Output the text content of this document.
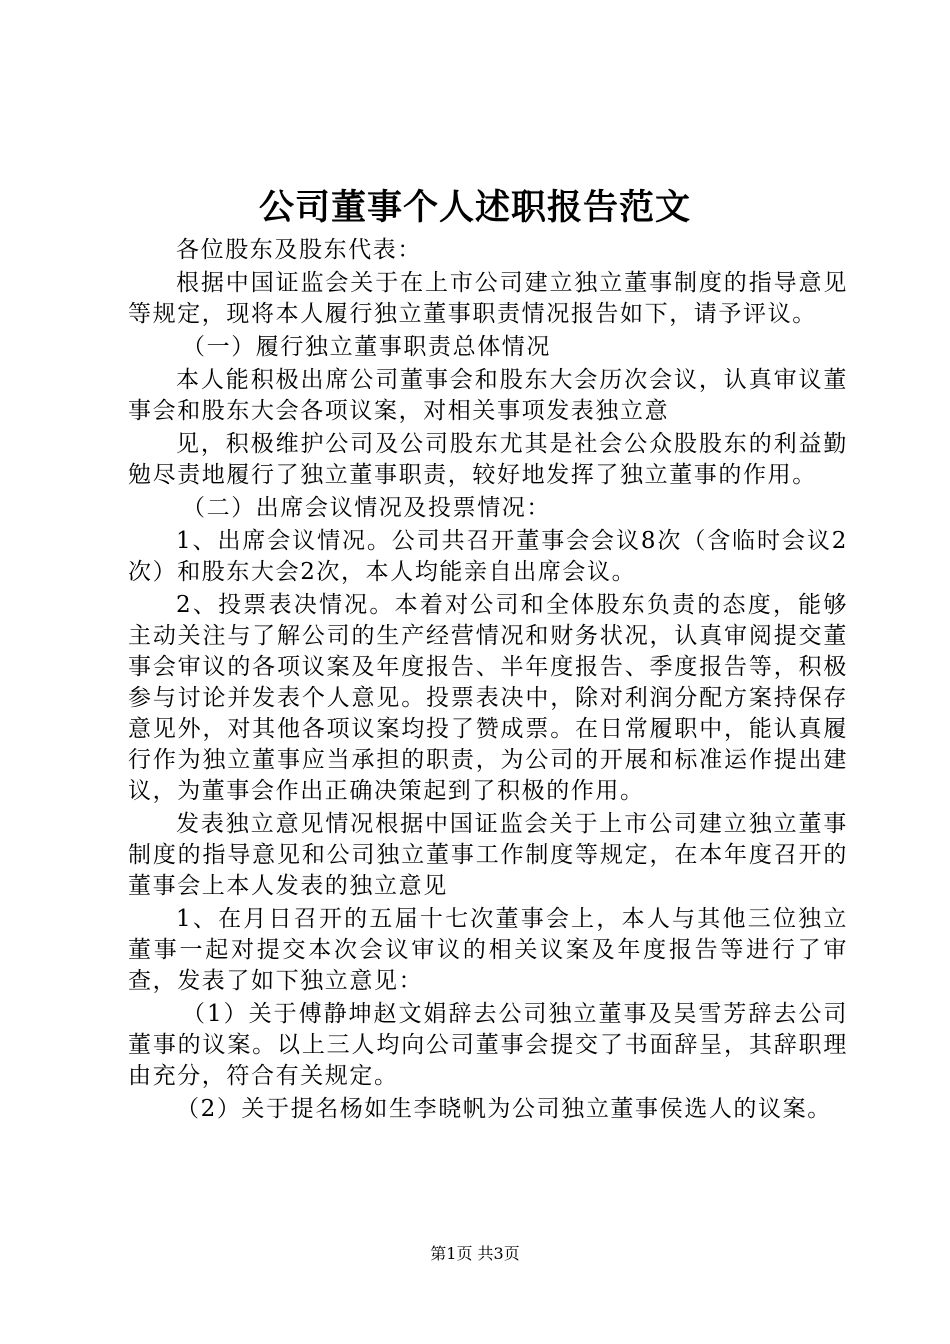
公司董事个人述职报告范文

各位股东及股东代表：

根据中国证监会关于在上市公司建立独立董事制度的指导意见等规定，现将本人履行独立董事职责情况报告如下，请予评议。

（一）履行独立董事职责总体情况

本人能积极出席公司董事会和股东大会历次会议，认真审议董事会和股东大会各项议案，对相关事项发表独立意

见，积极维护公司及公司股东尤其是社会公众股股东的利益勤勉尽责地履行了独立董事职责，较好地发挥了独立董事的作用。

（二）出席会议情况及投票情况：

1、出席会议情况。公司共召开董事会会议8次（含临时会议2次）和股东大会2次，本人均能亲自出席会议。

2、投票表决情况。本着对公司和全体股东负责的态度，能够主动关注与了解公司的生产经营情况和财务状况，认真审阅提交董事会审议的各项议案及年度报告、半年度报告、季度报告等，积极参与讨论并发表个人意见。投票表决中，除对利润分配方案持保存意见外，对其他各项议案均投了赞成票。在日常履职中，能认真履行作为独立董事应当承担的职责，为公司的开展和标准运作提出建议，为董事会作出正确决策起到了积极的作用。

发表独立意见情况根据中国证监会关于上市公司建立独立董事制度的指导意见和公司独立董事工作制度等规定，在本年度召开的董事会上本人发表的独立意见

1、在月日召开的五届十七次董事会上，本人与其他三位独立董事一起对提交本次会议审议的相关议案及年度报告等进行了审查，发表了如下独立意见：

（1）关于傅静坤赵文娟辞去公司独立董事及吴雪芳辞去公司董事的议案。以上三人均向公司董事会提交了书面辞呈，其辞职理由充分，符合有关规定。

（2）关于提名杨如生李晓帆为公司独立董事侯选人的议案。

第1页 共3页
